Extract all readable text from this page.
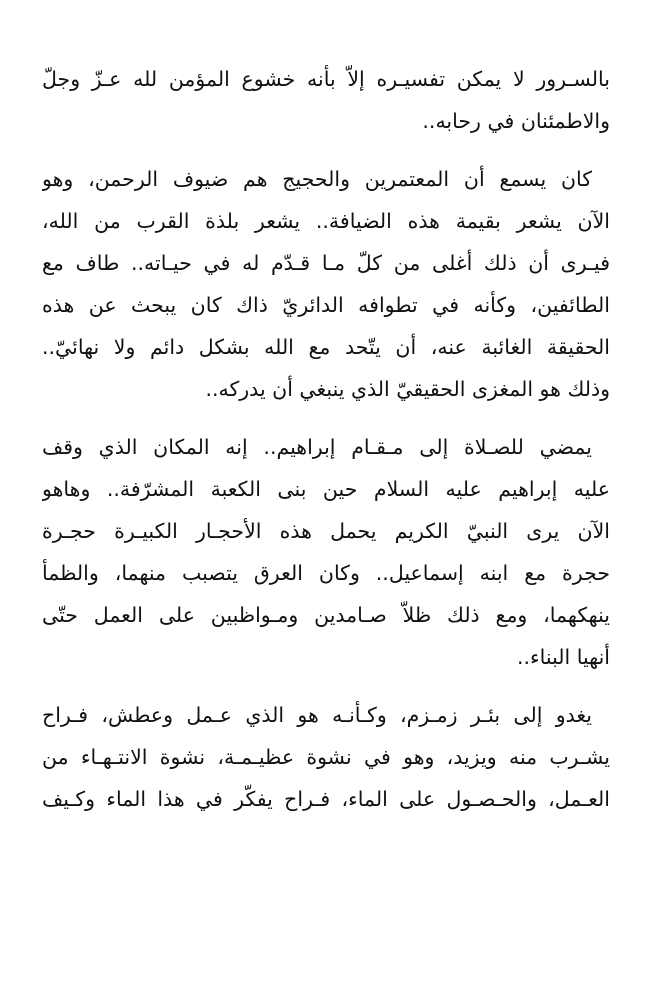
بالسـرور لا يمكن تفسيـره إلاّ بأنه خشوع المؤمن لله عـزّ وجلّ
والاطمئنان في رحابه..
كان يسمع أن المعتمرين والحجيج هم ضيوف الرحمن، وهو
الآن يشعر بقيمة هذه الضيافة.. يشعر بلذة القرب من الله،
فيـرى أن ذلك أغلى من كلّ مـا قـدّم له في حيـاته.. طاف مع
الطائفين، وكأنه في تطوافه الدائريّ ذاك كان يبحث عن هذه
الحقيقة الغائبة عنه، أن يتّحد مع الله بشكل دائم ولا نهائيّ..
وذلك هو المغزى الحقيقيّ الذي ينبغي أن يدركه..
يمضي للصـلاة إلى مـقـام إبراهيم.. إنه المكان الذي وقف
عليه إبراهيم عليه السلام حين بنى الكعبة المشرّفة.. وهاهو
الآن يرى النبيّ الكريم يحمل هذه الأحجـار الكبيـرة حجـرة
حجرة مع ابنه إسماعيل.. وكان العرق يتصبب منهما، والظمأ
ينهكهما، ومع ذلك ظلاّ صـامدين ومـواظبين على العمل حتّى
أنهيا البناء..
يغدو إلى بئـر زمـزم، وكـأنـه هو الذي عـمل وعطش، فـراح
يشـرب منه ويزيد، وهو في نشوة عظيـمـة، نشوة الانتـهـاء من
العـمل، والحـصـول على الماء، فـراح يفكّر في هذا الماء وكـيف
